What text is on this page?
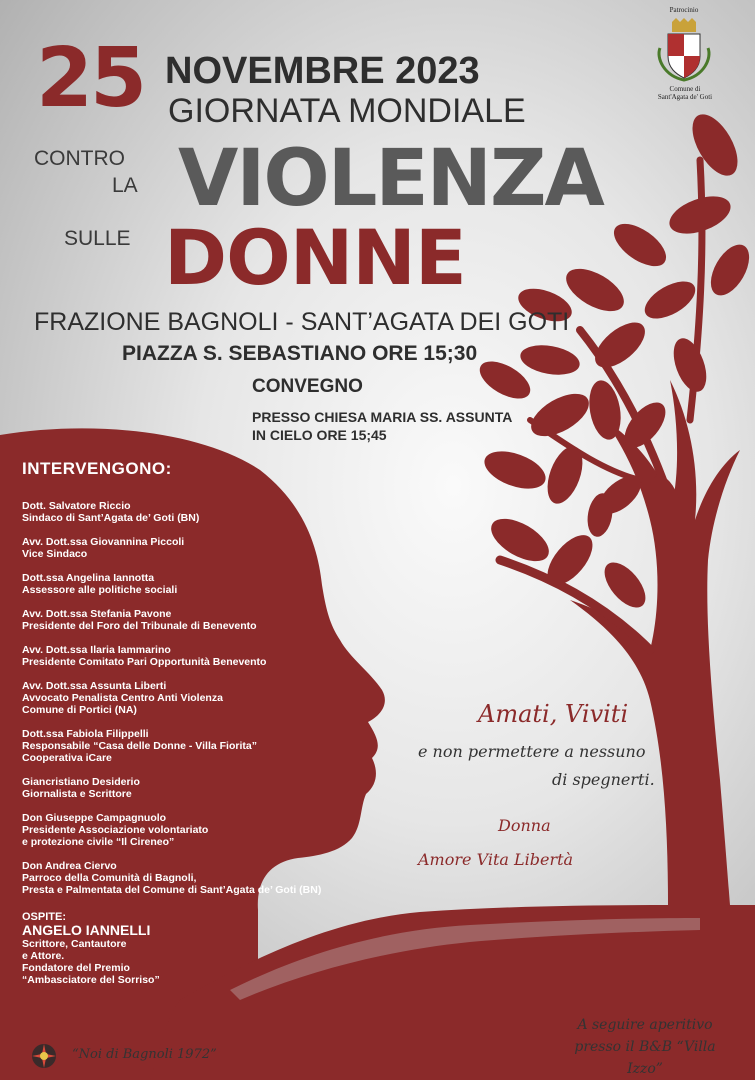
25 NOVEMBRE 2023
GIORNATA MONDIALE
CONTRO
LA VIOLENZA
SULLE DONNE
FRAZIONE BAGNOLI - SANT’AGATA DEI GOTI
PIAZZA S. SEBASTIANO ORE 15;30
CONVEGNO
PRESSO CHIESA MARIA SS. ASSUNTA
IN CIELO ORE 15;45
Patrocinio
Comune di
Sant'Agata de' Goti
INTERVENGONO:
Dott. Salvatore Riccio
Sindaco di Sant’Agata de’ Goti (BN)
Avv. Dott.ssa Giovannina Piccoli
Vice Sindaco
Dott.ssa Angelina Iannotta
Assessore alle politiche sociali
Avv. Dott.ssa Stefania Pavone
Presidente del Foro del Tribunale di Benevento
Avv. Dott.ssa Ilaria Iammarino
Presidente Comitato Pari Opportunità Benevento
Avv. Dott.ssa Assunta Liberti
Avvocato Penalista Centro Anti Violenza
Comune di Portici (NA)
Dott.ssa Fabiola Filippelli
Responsabile “Casa delle Donne - Villa Fiorita”
Cooperativa iCare
Giancristiano Desiderio
Giornalista e Scrittore
Don Giuseppe Campagnuolo
Presidente Associazione volontariato
e protezione civile “Il Cireneo”
Don Andrea Ciervo
Parroco della Comunità di Bagnoli,
Presta e Palmentata del Comune di Sant’Agata de’ Goti (BN)
OSPITE:
ANGELO IANNELLI
Scrittore, Cantautore
e Attore.
Fondatore del Premio
“Ambasciatore del Sorriso”
Amati, Viviti
e non permettere a nessuno
di spegnerti.
Donna
Amore Vita Libertà
A seguire aperitivo
presso il B&B “Villa Izzo”
“Noi di Bagnoli 1972”
